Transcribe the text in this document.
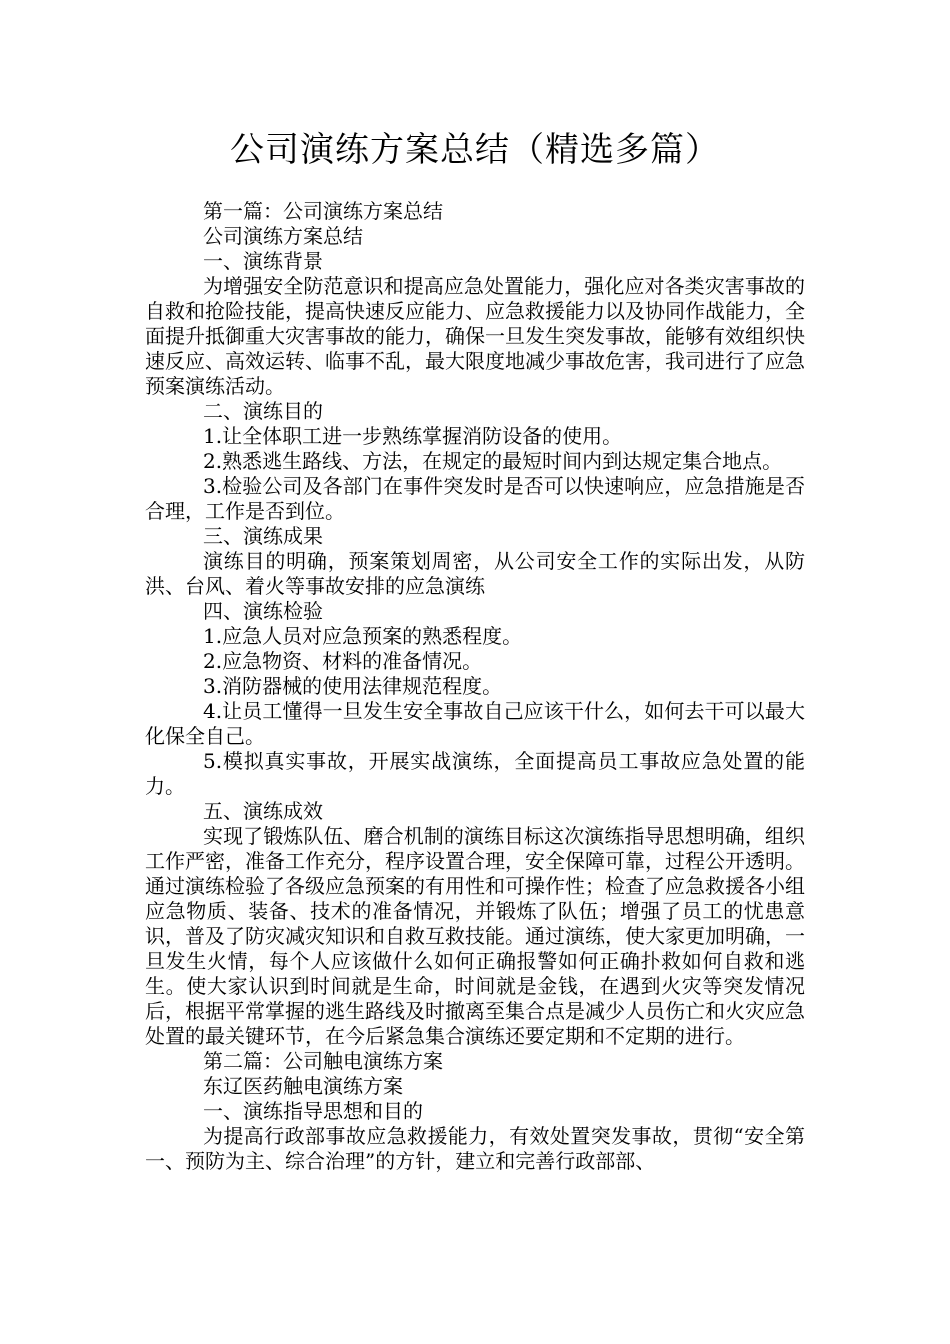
公司演练方案总结（精选多篇）

第一篇：公司演练方案总结

公司演练方案总结

一、演练背景

为增强安全防范意识和提高应急处置能力，强化应对各类灾害事故的自救和抢险技能，提高快速反应能力、应急救援能力以及协同作战能力，全面提升抵御重大灾害事故的能力，确保一旦发生突发事故，能够有效组织快速反应、高效运转、临事不乱，最大限度地减少事故危害，我司进行了应急预案演练活动。

二、演练目的

1.让全体职工进一步熟练掌握消防设备的使用。

2.熟悉逃生路线、方法，在规定的最短时间内到达规定集合地点。

3.检验公司及各部门在事件突发时是否可以快速响应，应急措施是否合理，工作是否到位。

三、演练成果

演练目的明确，预案策划周密，从公司安全工作的实际出发，从防洪、台风、着火等事故安排的应急演练

四、演练检验

1.应急人员对应急预案的熟悉程度。

2.应急物资、材料的准备情况。

3.消防器械的使用法律规范程度。

4.让员工懂得一旦发生安全事故自己应该干什么，如何去干可以最大化保全自己。

5.模拟真实事故，开展实战演练，全面提高员工事故应急处置的能力。

五、演练成效

实现了锻炼队伍、磨合机制的演练目标这次演练指导思想明确，组织工作严密，准备工作充分，程序设置合理，安全保障可靠，过程公开透明。通过演练检验了各级应急预案的有用性和可操作性；检查了应急救援各小组应急物质、装备、技术的准备情况，并锻炼了队伍；增强了员工的忧患意识，普及了防灾减灾知识和自救互救技能。通过演练，使大家更加明确，一旦发生火情，每个人应该做什么如何正确报警如何正确扑救如何自救和逃生。使大家认识到时间就是生命，时间就是金钱，在遇到火灾等突发情况后，根据平常掌握的逃生路线及时撤离至集合点是减少人员伤亡和火灾应急处置的最关键环节，在今后紧急集合演练还要定期和不定期的进行。

第二篇：公司触电演练方案

东辽医药触电演练方案

一、演练指导思想和目的

为提高行政部事故应急救援能力，有效处置突发事故，贯彻“安全第一、预防为主、综合治理”的方针，建立和完善行政部部、
